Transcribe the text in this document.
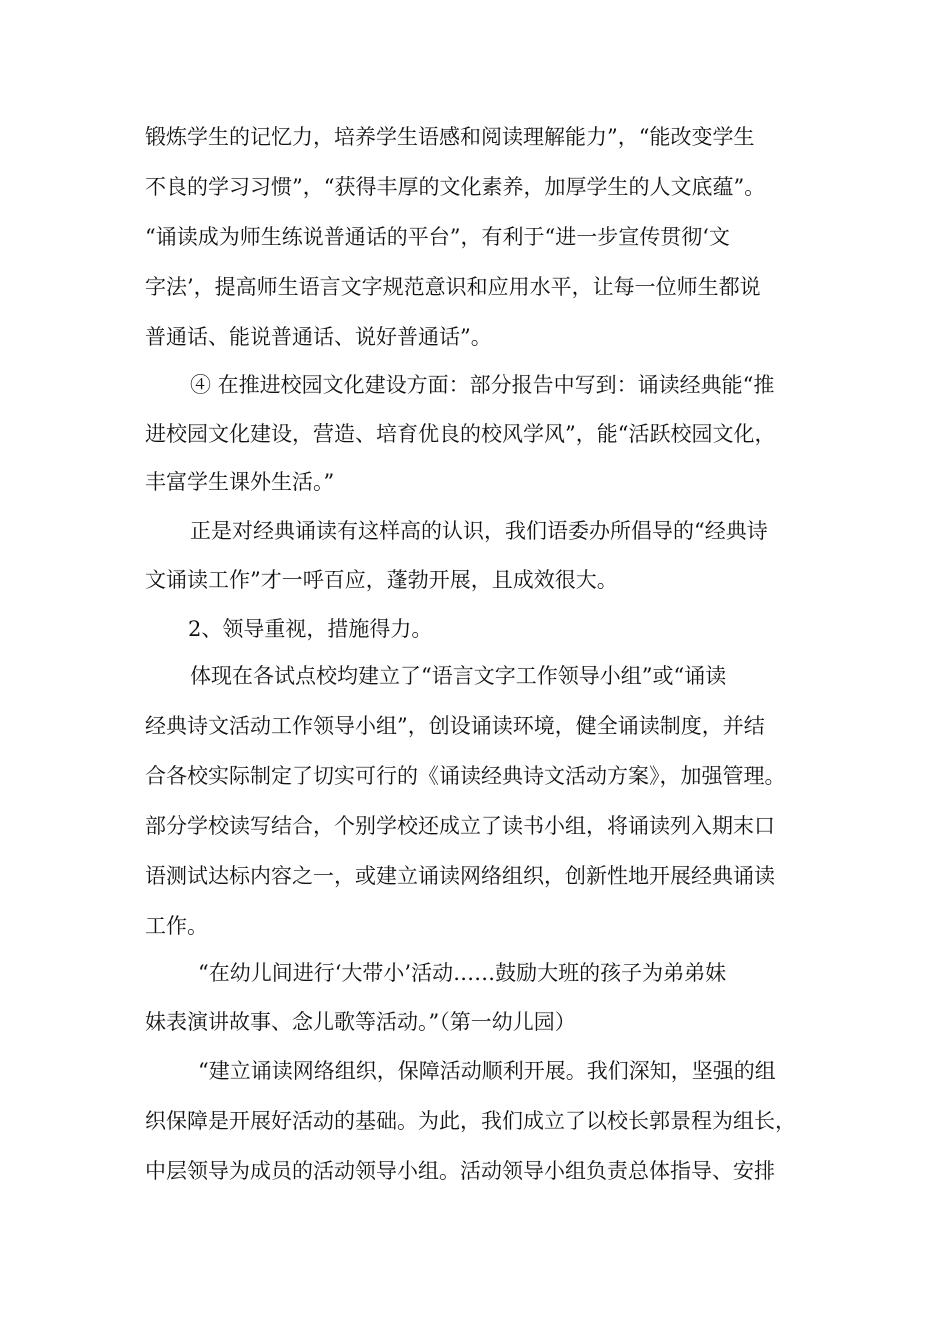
锻炼学生的记忆力，培养学生语感和阅读理解能力”，“能改变学生
不良的学习习惯”，“获得丰厚的文化素养，加厚学生的人文底蕴”。
“诵读成为师生练说普通话的平台”，有利于“进一步宣传贯彻‘文
字法’，提高师生语言文字规范意识和应用水平，让每一位师生都说
普通话、能说普通话、说好普通话”。
④ 在推进校园文化建设方面：部分报告中写到：诵读经典能“推
进校园文化建设，营造、培育优良的校风学风”，能“活跃校园文化，
丰富学生课外生活。”
正是对经典诵读有这样高的认识，我们语委办所倡导的“经典诗
文诵读工作”才一呼百应，蓬勃开展，且成效很大。
2、领导重视，措施得力。
体现在各试点校均建立了“语言文字工作领导小组”或“诵读
经典诗文活动工作领导小组”，创设诵读环境，健全诵读制度，并结
合各校实际制定了切实可行的《诵读经典诗文活动方案》，加强管理。
部分学校读写结合，个别学校还成立了读书小组，将诵读列入期末口
语测试达标内容之一，或建立诵读网络组织，创新性地开展经典诵读
工作。
“在幼儿间进行‘大带小’活动……鼓励大班的孩子为弟弟妹
妹表演讲故事、念儿歌等活动。”（第一幼儿园）
“建立诵读网络组织，保障活动顺利开展。我们深知，坚强的组
织保障是开展好活动的基础。为此，我们成立了以校长郭景程为组长，
中层领导为成员的活动领导小组。活动领导小组负责总体指导、安排
